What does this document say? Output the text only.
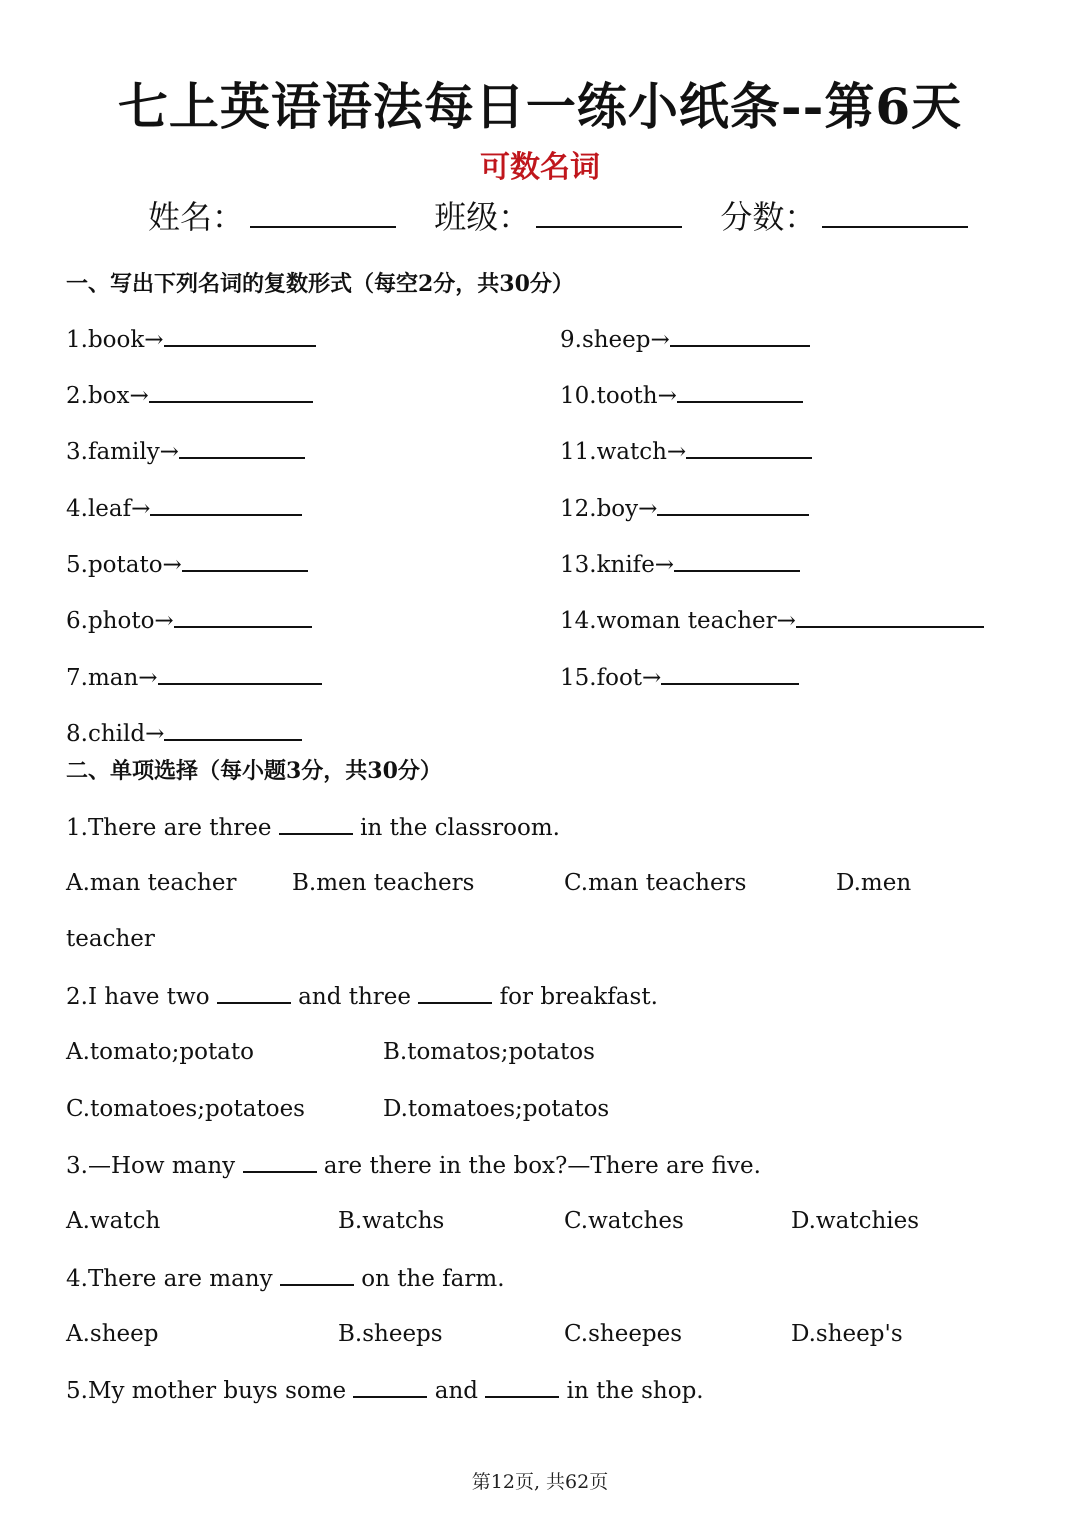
七上英语语法每日一练小纸条--第6天
可数名词
姓名：	班级：	分数：
一、写出下列名词的复数形式（每空2分，共30分）
1.book→
2.box→
3.family→
4.leaf→
5.potato→
6.photo→
7.man→
8.child→
9.sheep→
10.tooth→
11.watch→
12.boy→
13.knife→
14.woman teacher→
15.foot→
二、单项选择（每小题3分，共30分）
1.There are three	in the classroom.
A.man teacher B.men teachers	C.man teachers	D.men
teacher
2.I have two	and three	for breakfast.
A.tomato;potato	B.tomatos;potatos
C.tomatoes;potatoes	D.tomatoes;potatos
3.—How many	are there in the box?—There are five.
A.watch	B.watchs	C.watches	D.watchies
4.There are many	on the farm.
A.sheep	B.sheeps	C.sheepes	D.sheep's
5.My mother buys some	and	in the shop.
第12页, 共62页
